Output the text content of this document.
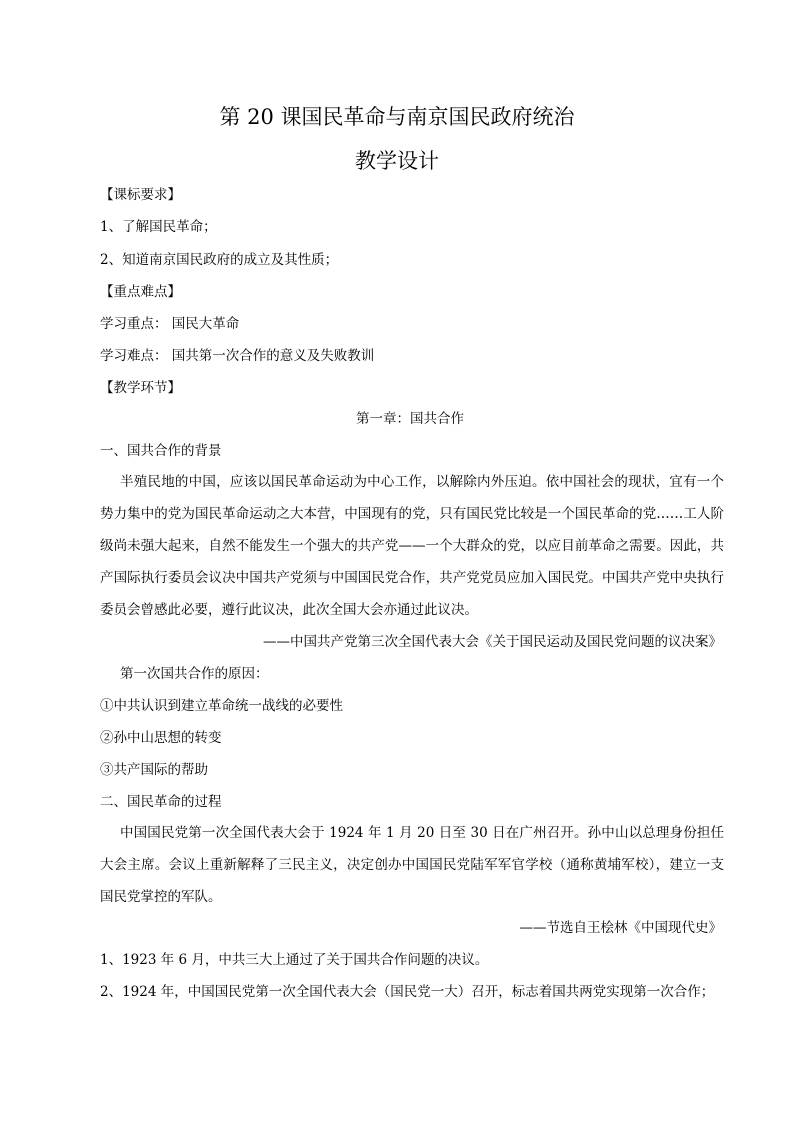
第 20 课国民革命与南京国民政府统治
教学设计
【课标要求】
1、了解国民革命；
2、知道南京国民政府的成立及其性质；
【重点难点】
学习重点： 国民大革命
学习难点： 国共第一次合作的意义及失败教训
【教学环节】
第一章：国共合作
一、国共合作的背景

半殖民地的中国，应该以国民革命运动为中心工作，以解除内外压迫。依中国社会的现状，宜有一个势力集中的党为国民革命运动之大本营，中国现有的党，只有国民党比较是一个国民革命的党……工人阶级尚未强大起来，自然不能发生一个强大的共产党——一个大群众的党，以应目前革命之需要。因此，共产国际执行委员会议决中国共产党须与中国国民党合作，共产党党员应加入国民党。中国共产党中央执行委员会曾感此必要，遵行此议决，此次全国大会亦通过此议决。

——中国共产党第三次全国代表大会《关于国民运动及国民党问题的议决案》
第一次国共合作的原因：
①中共认识到建立革命统一战线的必要性
②孙中山思想的转变
③共产国际的帮助
二、国民革命的过程

中国国民党第一次全国代表大会于 1924 年 1 月 20 日至 30 日在广州召开。孙中山以总理身份担任大会主席。会议上重新解释了三民主义，决定创办中国国民党陆军军官学校（通称黄埔军校），建立一支国民党掌控的军队。

——节选自王桧林《中国现代史》
1、1923 年 6 月，中共三大上通过了关于国共合作问题的决议。
2、1924 年，中国国民党第一次全国代表大会（国民党一大）召开，标志着国共两党实现第一次合作；
